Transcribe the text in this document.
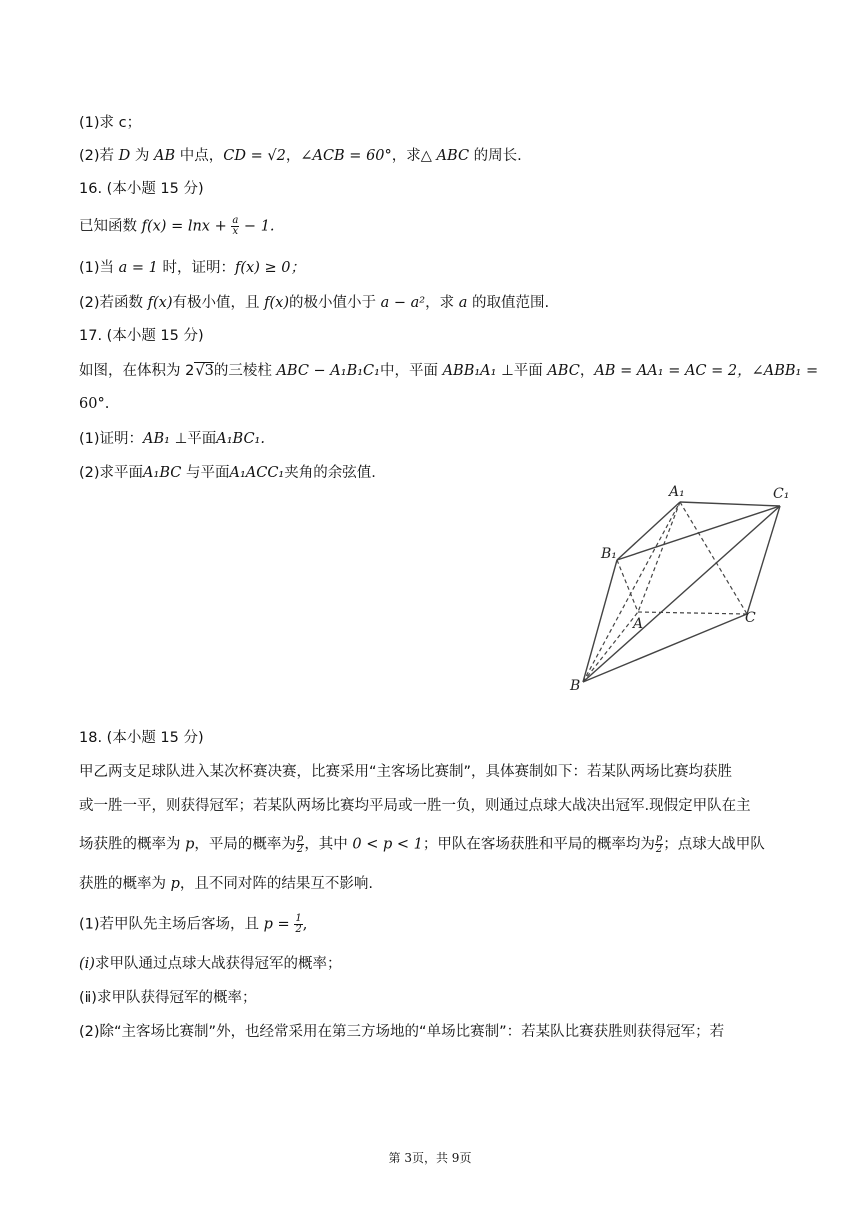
(1)求 c；
(2)若 D 为 AB 中点，CD = √2，∠ACB = 60°，求△ ABC 的周长.
16. (本小题 15 分)
已知函数 $f(x) = \ln x + \frac{a}{x} - 1$.
(1)当 a = 1 时，证明：f(x) ≥ 0；
(2)若函数 f(x)有极小值，且 f(x)的极小值小于 a − a²，求 a 的取值范围.
17. (本小题 15 分)
如图，在体积为 2√3的三棱柱 ABC − A₁B₁C₁中，平面 ABB₁A₁ ⊥平面 ABC，AB = AA₁ = AC = 2，∠ABB₁ =
60°.
(1)证明：AB₁ ⊥平面A₁BC₁.
(2)求平面A₁BC 与平面A₁ACC₁夹角的余弦值.
A₁	C₁
B₁
A	C
B
18. (本小题 15 分)
甲乙两支足球队进入某次杯赛决赛，比赛采用“主客场比赛制”，具体赛制如下：若某队两场比赛均获胜
或一胜一平，则获得冠军；若某队两场比赛均平局或一胜一负，则通过点球大战决出冠军.现假定甲队在主
场获胜的概率为 p，平局的概率为 $\frac{p}{2}$ ，其中 0 < p < 1；甲队在客场获胜和平局的概率均为 $\frac{p}{2}$ ；点球大战甲队
获胜的概率为 p，且不同对阵的结果互不影响.
(1)若甲队先主场后客场，且 $p = \frac{1}{2}$ ,
(i)求甲队通过点球大战获得冠军的概率；
(ⅱ)求甲队获得冠军的概率；
(2)除“主客场比赛制”外，也经常采用在第三方场地的“单场比赛制”：若某队比赛获胜则获得冠军；若
第 3页，共 9页
